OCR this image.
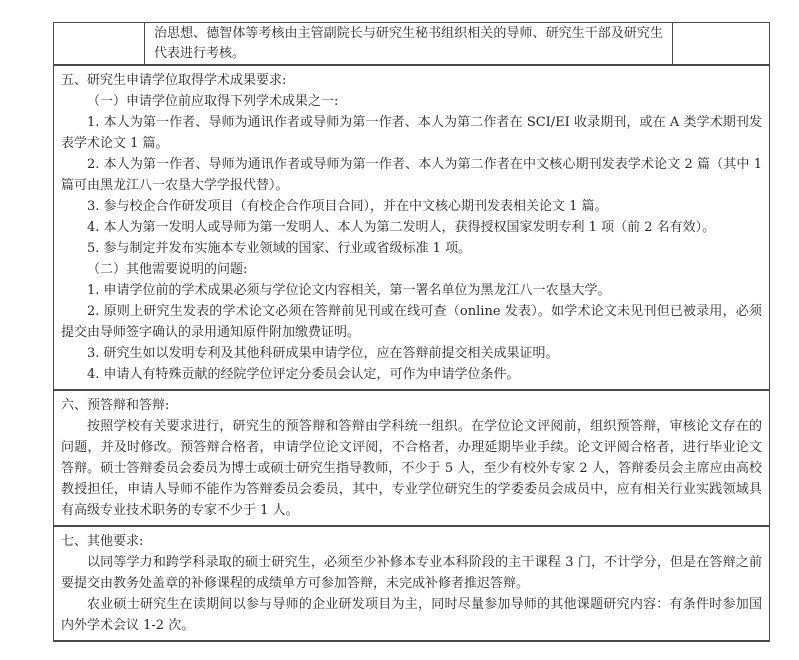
	治思想、德智体等考核由主管副院长与研究生秘书组织相关的导师、研究生干部及研究生代表进行考核。	

五、研究生申请学位取得学术成果要求:

（一）申请学位前应取得下列学术成果之一:

1. 本人为第一作者、导师为通讯作者或导师为第一作者、本人为第二作者在 SCI/EI 收录期刊，或在 A 类学术期刊发表学术论文 1 篇。

2. 本人为第一作者、导师为通讯作者或导师为第一作者、本人为第二作者在中文核心期刊发表学术论文 2 篇（其中 1 篇可由黑龙江八一农垦大学学报代替）。

3. 参与校企合作研发项目（有校企合作项目合同），并在中文核心期刊发表相关论文 1 篇。

4. 本人为第一发明人或导师为第一发明人、本人为第二发明人，获得授权国家发明专利 1 项（前 2 名有效）。

5. 参与制定并发布实施本专业领域的国家、行业或省级标准 1 项。

（二）其他需要说明的问题:

1. 申请学位前的学术成果必须与学位论文内容相关，第一署名单位为黑龙江八一农垦大学。

2. 原则上研究生发表的学术论文必须在答辩前见刊或在线可查（online 发表）。如学术论文未见刊但已被录用，必须提交由导师签字确认的录用通知原件附加缴费证明。

3. 研究生如以发明专利及其他科研成果申请学位，应在答辩前提交相关成果证明。

4. 申请人有特殊贡献的经院学位评定分委员会认定，可作为申请学位条件。

六、预答辩和答辩:

按照学校有关要求进行，研究生的预答辩和答辩由学科统一组织。在学位论文评阅前，组织预答辩，审核论文存在的问题，并及时修改。预答辩合格者，申请学位论文评阅，不合格者，办理延期毕业手续。论文评阅合格者，进行毕业论文答辩。硕士答辩委员会委员为博士或硕士研究生指导教师，不少于 5 人，至少有校外专家 2 人，答辩委员会主席应由高校教授担任，申请人导师不能作为答辩委员会委员，其中，专业学位研究生的学委委员会成员中，应有相关行业实践领域具有高级专业技术职务的专家不少于 1 人。

七、其他要求:

以同等学力和跨学科录取的硕士研究生，必须至少补修本专业本科阶段的主干课程 3 门，不计学分，但是在答辩之前要提交由教务处盖章的补修课程的成绩单方可参加答辩，未完成补修者推迟答辩。

农业硕士研究生在读期间以参与导师的企业研发项目为主，同时尽量参加导师的其他课题研究内容：有条件时参加国内外学术会议 1-2 次。
